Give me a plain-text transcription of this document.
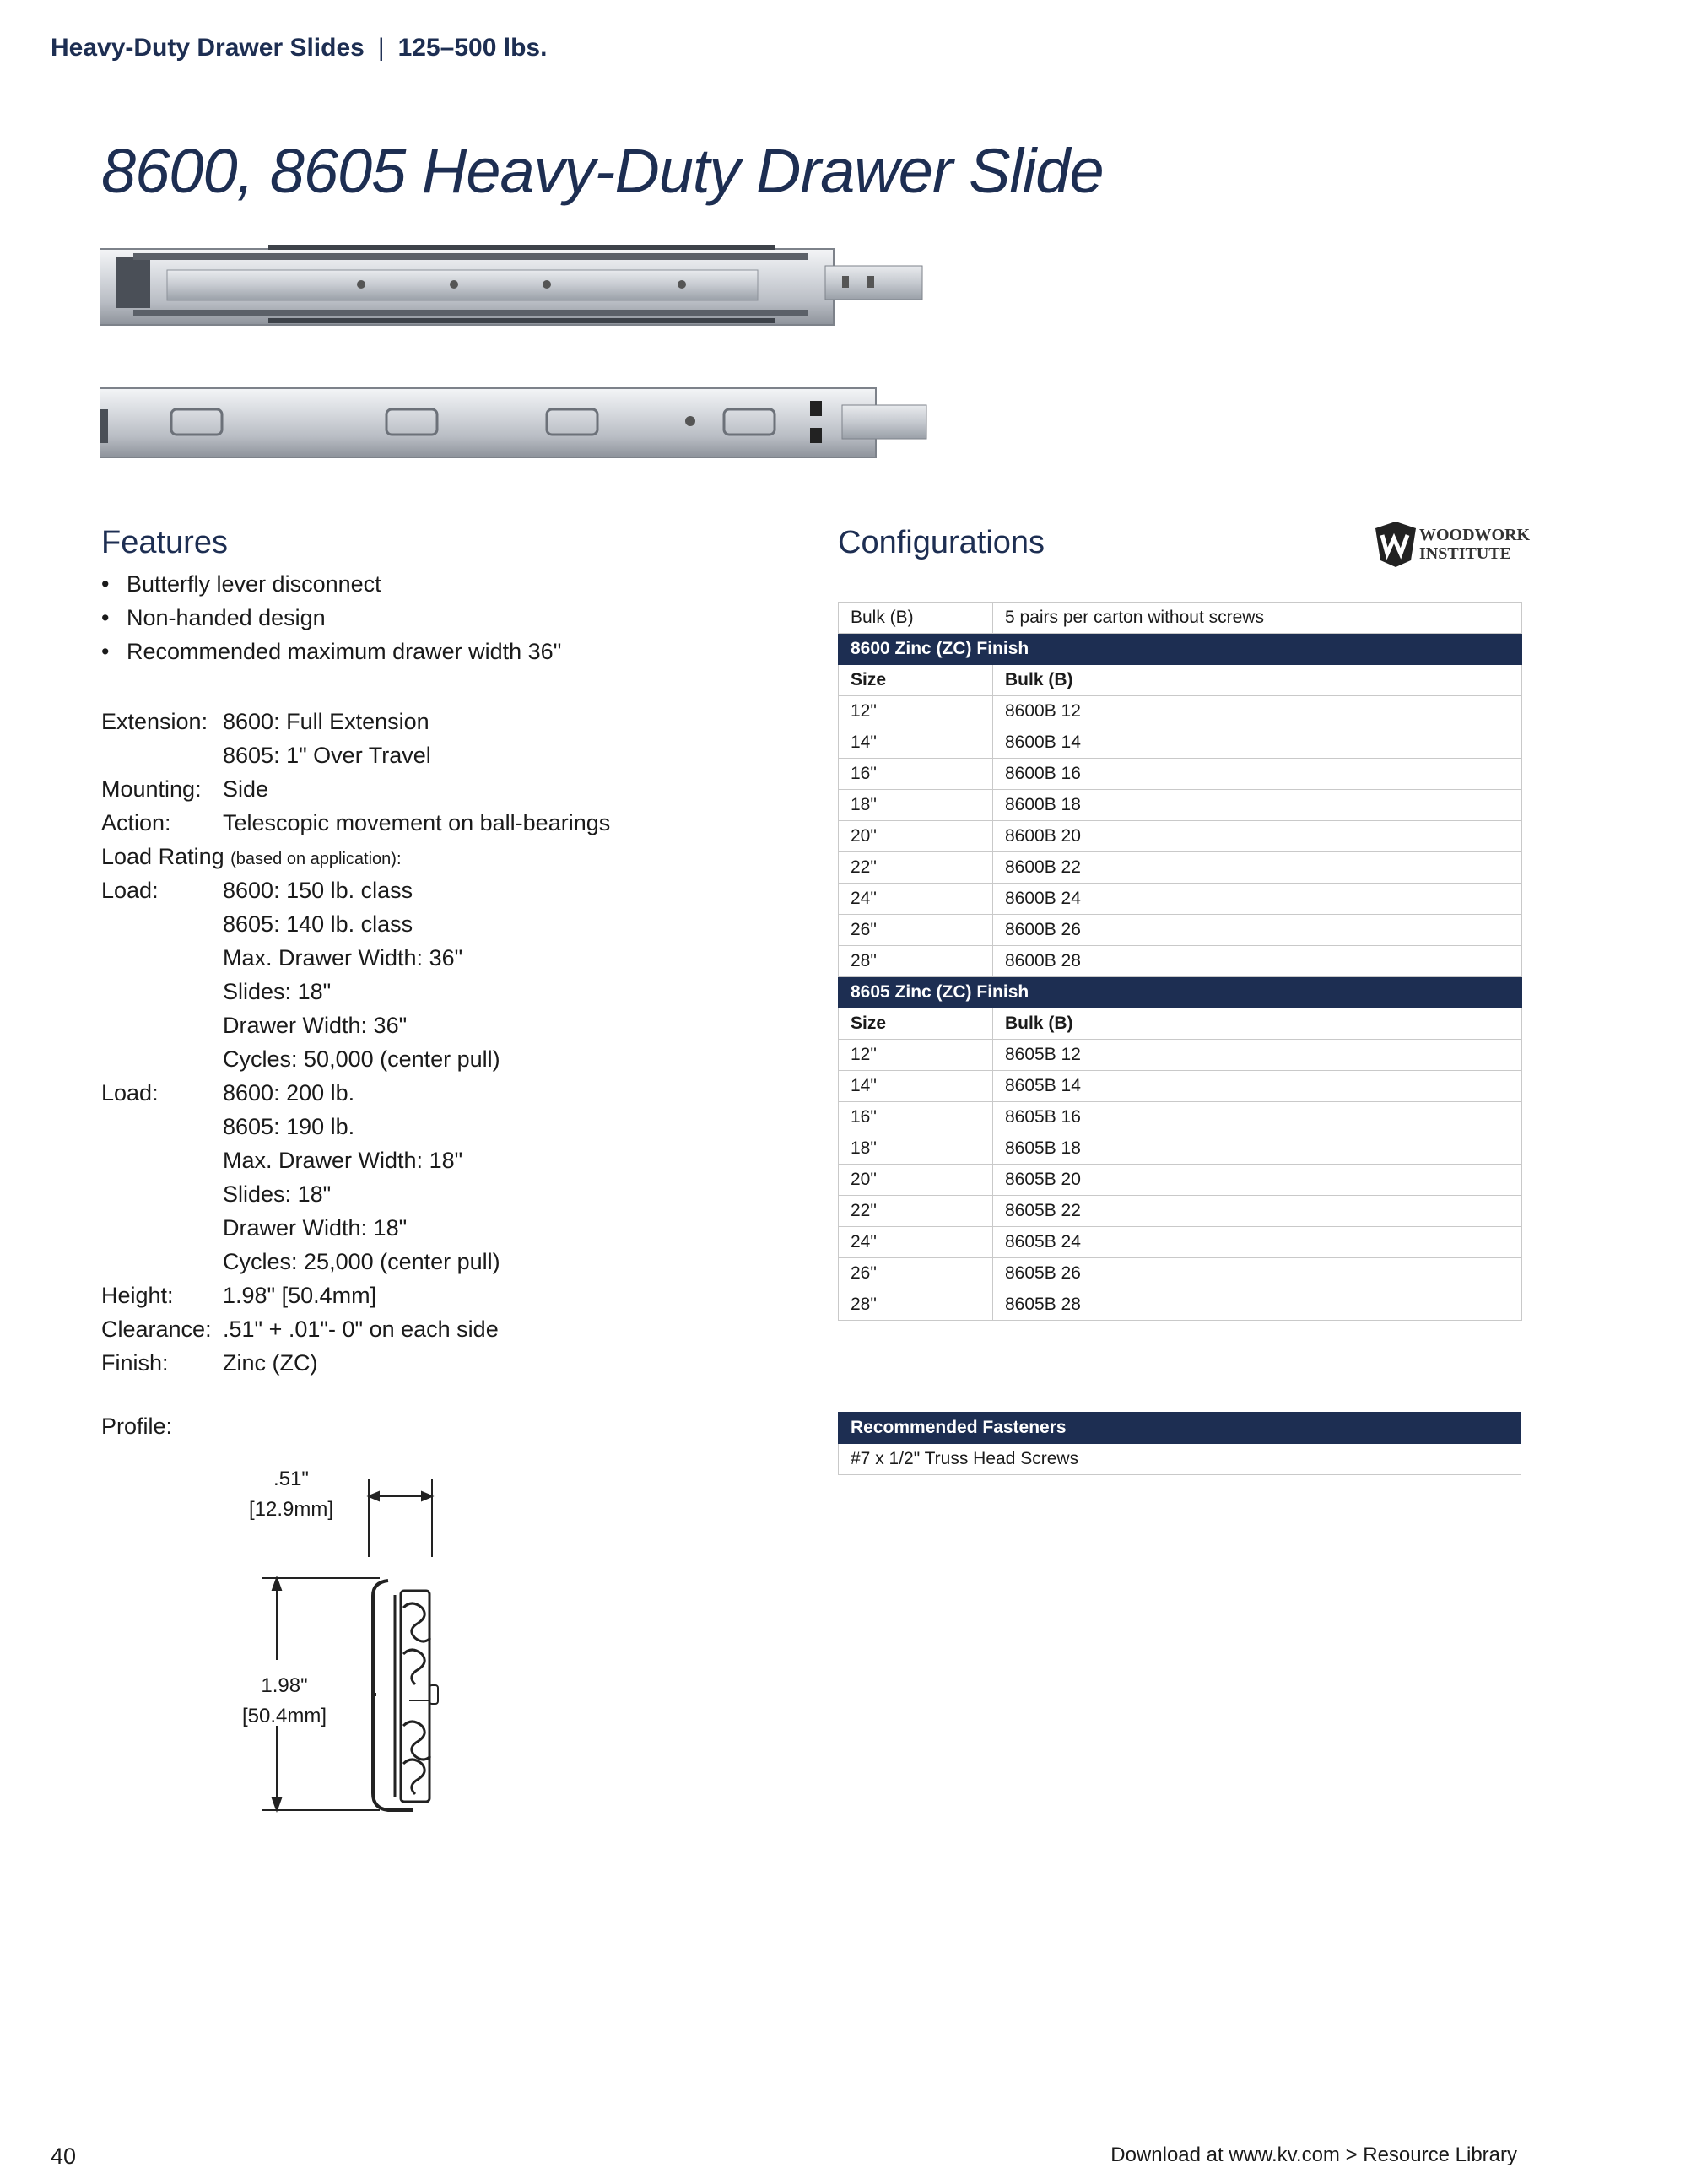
Heavy-Duty Drawer Slides | 125–500 lbs.
8600, 8605 Heavy-Duty Drawer Slide
Features
• Butterfly lever disconnect
• Non-handed design
• Recommended maximum drawer width 36"
Extension: 8600: Full Extension
8605: 1" Over Travel
Mounting: Side
Action: Telescopic movement on ball-bearings
Load Rating (based on application):
Load:	8600: 150 lb. class
8605: 140 lb. class
Max. Drawer Width: 36"
Slides: 18"
Drawer Width: 36"
Cycles: 50,000 (center pull)
Load:	8600: 200 lb.
8605: 190 lb.
Max. Drawer Width: 18"
Slides: 18"
Drawer Width: 18"
Cycles: 25,000 (center pull)
Height: 1.98" [50.4mm]
Clearance: .51" + .01"- 0" on each side
Finish: Zinc (ZC)
Profile:
.51"
[12.9mm]
1.98"
[50.4mm]
Configurations	WOODWORK
INSTITUTE
Bulk (B)	5 pairs per carton without screws
8600 Zinc (ZC) Finish	
Size	Bulk (B)
12"	8600B 12
14"	8600B 14
16"	8600B 16
18"	8600B 18
20"	8600B 20
22"	8600B 22
24"	8600B 24
26"	8600B 26
28"	8600B 28
8605 Zinc (ZC) Finish	
Size	Bulk (B)
12"	8605B 12
14"	8605B 14
16"	8605B 16
18"	8605B 18
20"	8605B 20
22"	8605B 22
24"	8605B 24
26"	8605B 26
28"	8605B 28
Recommended Fasteners
#7 x 1/2" Truss Head Screws
40	Download at www.kv.com > Resource Library
